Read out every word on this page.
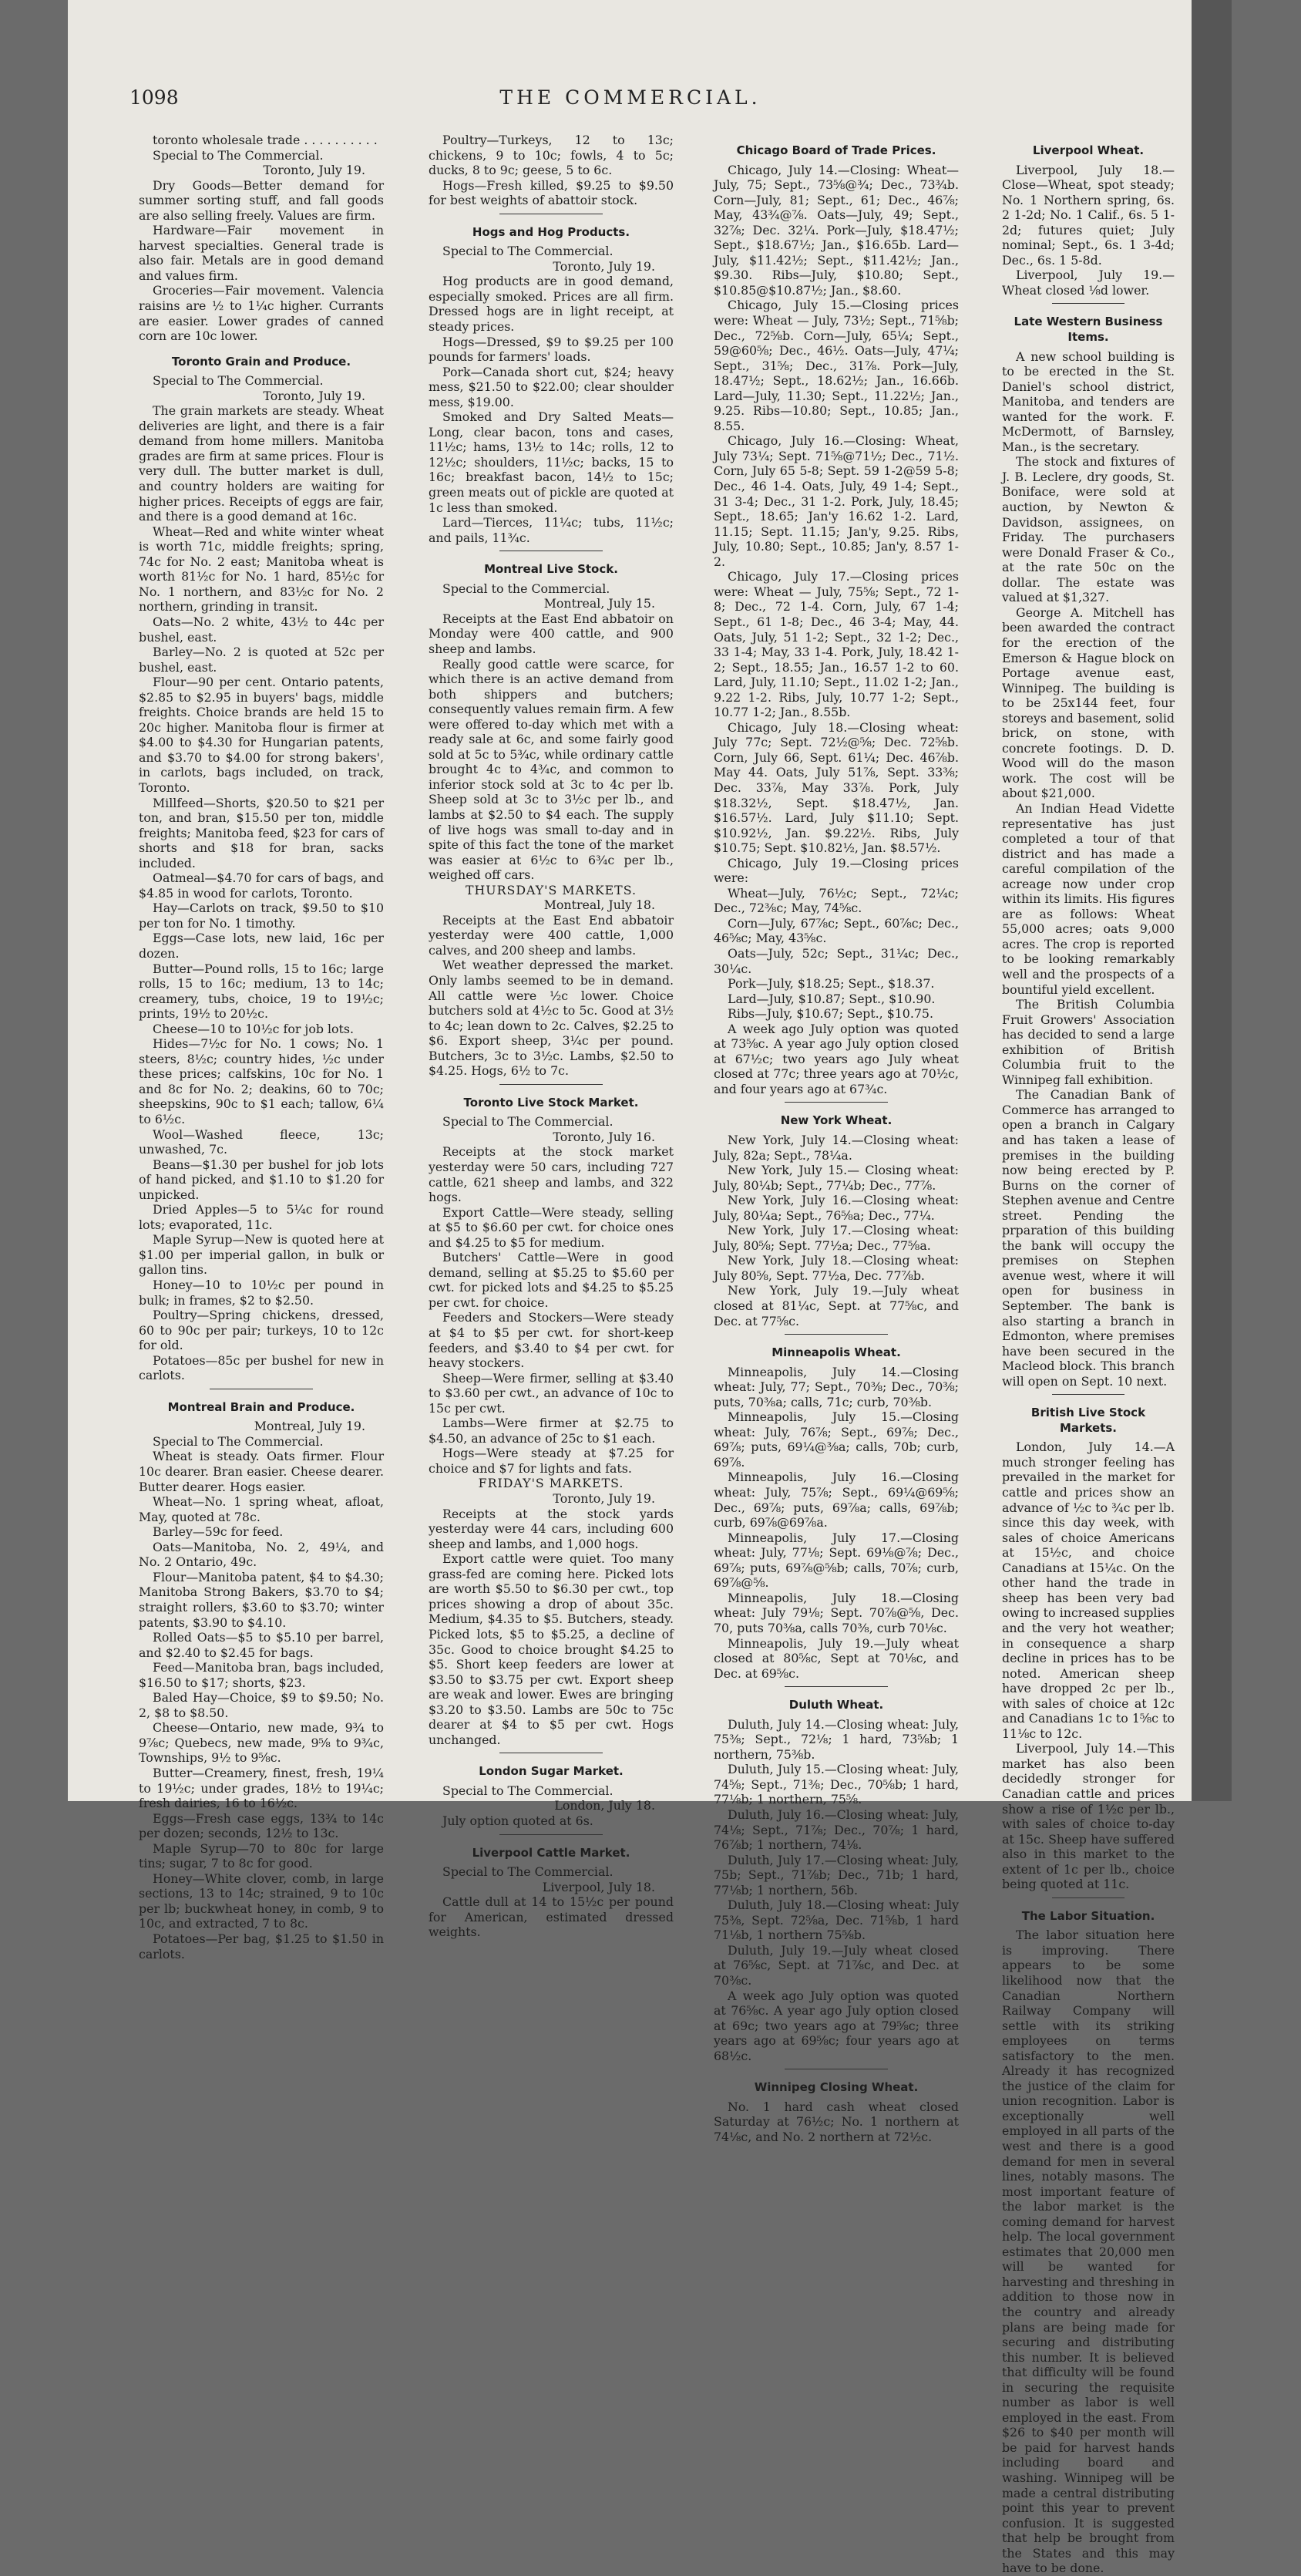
1098	THE COMMERCIAL.

toronto wholesale trade . . . . . . . . . .

Special to The Commercial.

Toronto, July 19.

Dry Goods—Better demand for summer sorting stuff, and fall goods are also selling freely. Values are firm.

Hardware—Fair movement in harvest specialties. General trade is also fair. Metals are in good demand and values firm.

Groceries—Fair movement. Valencia raisins are ½ to 1¼c higher. Currants are easier. Lower grades of canned corn are 10c lower.

Toronto Grain and Produce.

Special to The Commercial.

Toronto, July 19.

The grain markets are steady. Wheat deliveries are light, and there is a fair demand from home millers. Manitoba grades are firm at same prices. Flour is very dull. The butter market is dull, and country holders are waiting for higher prices. Receipts of eggs are fair, and there is a good demand at 16c.

Wheat—Red and white winter wheat is worth 71c, middle freights; spring, 74c for No. 2 east; Manitoba wheat is worth 81½c for No. 1 hard, 85½c for No. 1 northern, and 83½c for No. 2 northern, grinding in transit.

Oats—No. 2 white, 43½ to 44c per bushel, east.

Barley—No. 2 is quoted at 52c per bushel, east.

Flour—90 per cent. Ontario patents, $2.85 to $2.95 in buyers' bags, middle freights. Choice brands are held 15 to 20c higher. Manitoba flour is firmer at $4.00 to $4.30 for Hungarian patents, and $3.70 to $4.00 for strong bakers', in carlots, bags included, on track, Toronto.

Millfeed—Shorts, $20.50 to $21 per ton, and bran, $15.50 per ton, middle freights; Manitoba feed, $23 for cars of shorts and $18 for bran, sacks included.

Oatmeal—$4.70 for cars of bags, and $4.85 in wood for carlots, Toronto.

Hay—Carlots on track, $9.50 to $10 per ton for No. 1 timothy.

Eggs—Case lots, new laid, 16c per dozen.

Butter—Pound rolls, 15 to 16c; large rolls, 15 to 16c; medium, 13 to 14c; creamery, tubs, choice, 19 to 19½c; prints, 19½ to 20½c.

Cheese—10 to 10½c for job lots.

Hides—7½c for No. 1 cows; No. 1 steers, 8½c; country hides, ½c under these prices; calfskins, 10c for No. 1 and 8c for No. 2; deakins, 60 to 70c; sheepskins, 90c to $1 each; tallow, 6¼ to 6½c.

Wool—Washed fleece, 13c; unwashed, 7c.

Beans—$1.30 per bushel for job lots of hand picked, and $1.10 to $1.20 for unpicked.

Dried Apples—5 to 5¼c for round lots; evaporated, 11c.

Maple Syrup—New is quoted here at $1.00 per imperial gallon, in bulk or gallon tins.

Honey—10 to 10½c per pound in bulk; in frames, $2 to $2.50.

Poultry—Spring chickens, dressed, 60 to 90c per pair; turkeys, 10 to 12c for old.

Potatoes—85c per bushel for new in carlots.

Montreal Brain and Produce.

Montreal, July 19.

Special to The Commercial.

Wheat is steady. Oats firmer. Flour 10c dearer. Bran easier. Cheese dearer. Butter dearer. Hogs easier.

Wheat—No. 1 spring wheat, afloat, May, quoted at 78c.

Barley—59c for feed.

Oats—Manitoba, No. 2, 49¼, and No. 2 Ontario, 49c.

Flour—Manitoba patent, $4 to $4.30; Manitoba Strong Bakers, $3.70 to $4; straight rollers, $3.60 to $3.70; winter patents, $3.90 to $4.10.

Rolled Oats—$5 to $5.10 per barrel, and $2.40 to $2.45 for bags.

Feed—Manitoba bran, bags included, $16.50 to $17; shorts, $23.

Baled Hay—Choice, $9 to $9.50; No. 2, $8 to $8.50.

Cheese—Ontario, new made, 9¾ to 9⅞c; Quebecs, new made, 9⅝ to 9¾c, Townships, 9½ to 9⅝c.

Butter—Creamery, finest, fresh, 19¼ to 19½c; under grades, 18½ to 19¼c; fresh dairies, 16 to 16½c.

Eggs—Fresh case eggs, 13¾ to 14c per dozen; seconds, 12½ to 13c.

Maple Syrup—70 to 80c for large tins; sugar, 7 to 8c for good.

Honey—White clover, comb, in large sections, 13 to 14c; strained, 9 to 10c per lb; buckwheat honey, in comb, 9 to 10c, and extracted, 7 to 8c.

Potatoes—Per bag, $1.25 to $1.50 in carlots.

Poultry—Turkeys, 12 to 13c; chickens, 9 to 10c; fowls, 4 to 5c; ducks, 8 to 9c; geese, 5 to 6c.

Hogs—Fresh killed, $9.25 to $9.50 for best weights of abattoir stock.

Hogs and Hog Products.

Special to The Commercial.

Toronto, July 19.

Hog products are in good demand, especially smoked. Prices are all firm. Dressed hogs are in light receipt, at steady prices.

Hogs—Dressed, $9 to $9.25 per 100 pounds for farmers' loads.

Pork—Canada short cut, $24; heavy mess, $21.50 to $22.00; clear shoulder mess, $19.00.

Smoked and Dry Salted Meats—Long, clear bacon, tons and cases, 11½c; hams, 13½ to 14c; rolls, 12 to 12½c; shoulders, 11½c; backs, 15 to 16c; breakfast bacon, 14½ to 15c; green meats out of pickle are quoted at 1c less than smoked.

Lard—Tierces, 11¼c; tubs, 11½c; and pails, 11¾c.

Montreal Live Stock.

Special to the Commercial.

Montreal, July 15.

Receipts at the East End abbatoir on Monday were 400 cattle, and 900 sheep and lambs.

Really good cattle were scarce, for which there is an active demand from both shippers and butchers; consequently values remain firm. A few were offered to-day which met with a ready sale at 6c, and some fairly good sold at 5c to 5¾c, while ordinary cattle brought 4c to 4¾c, and common to inferior stock sold at 3c to 4c per lb. Sheep sold at 3c to 3½c per lb., and lambs at $2.50 to $4 each. The supply of live hogs was small to-day and in spite of this fact the tone of the market was easier at 6½c to 6¾c per lb., weighed off cars.

THURSDAY'S MARKETS.

Montreal, July 18.

Receipts at the East End abbatoir yesterday were 400 cattle, 1,000 calves, and 200 sheep and lambs.

Wet weather depressed the market. Only lambs seemed to be in demand. All cattle were ½c lower. Choice butchers sold at 4½c to 5c. Good at 3½ to 4c; lean down to 2c. Calves, $2.25 to $6. Export sheep, 3¼c per pound. Butchers, 3c to 3½c. Lambs, $2.50 to $4.25. Hogs, 6½ to 7c.

Toronto Live Stock Market.

Special to The Commercial.

Toronto, July 16.

Receipts at the stock market yesterday were 50 cars, including 727 cattle, 621 sheep and lambs, and 322 hogs.

Export Cattle—Were steady, selling at $5 to $6.60 per cwt. for choice ones and $4.25 to $5 for medium.

Butchers' Cattle—Were in good demand, selling at $5.25 to $5.60 per cwt. for picked lots and $4.25 to $5.25 per cwt. for choice.

Feeders and Stockers—Were steady at $4 to $5 per cwt. for short-keep feeders, and $3.40 to $4 per cwt. for heavy stockers.

Sheep—Were firmer, selling at $3.40 to $3.60 per cwt., an advance of 10c to 15c per cwt.

Lambs—Were firmer at $2.75 to $4.50, an advance of 25c to $1 each.

Hogs—Were steady at $7.25 for choice and $7 for lights and fats.

FRIDAY'S MARKETS.

Toronto, July 19.

Receipts at the stock yards yesterday were 44 cars, including 600 sheep and lambs, and 1,000 hogs.

Export cattle were quiet. Too many grass-fed are coming here. Picked lots are worth $5.50 to $6.30 per cwt., top prices showing a drop of about 35c. Medium, $4.35 to $5. Butchers, steady. Picked lots, $5 to $5.25, a decline of 35c. Good to choice brought $4.25 to $5. Short keep feeders are lower at $3.50 to $3.75 per cwt. Export sheep are weak and lower. Ewes are bringing $3.20 to $3.50. Lambs are 50c to 75c dearer at $4 to $5 per cwt. Hogs unchanged.

London Sugar Market.

Special to The Commercial.

London, July 18.

July option quoted at 6s.

Liverpool Cattle Market.

Special to The Commercial.

Liverpool, July 18.

Cattle dull at 14 to 15½c per pound for American, estimated dressed weights.

Chicago Board of Trade Prices.

Chicago, July 14.—Closing: Wheat—July, 75; Sept., 73⅝@¾; Dec., 73¾b. Corn—July, 81; Sept., 61; Dec., 46⅞; May, 43¾@⅞. Oats—July, 49; Sept., 32⅞; Dec. 32¼. Pork—July, $18.47½; Sept., $18.67½; Jan., $16.65b. Lard—July, $11.42½; Sept., $11.42½; Jan., $9.30. Ribs—July, $10.80; Sept., $10.85@$10.87½; Jan., $8.60.

Chicago, July 15.—Closing prices were: Wheat — July, 73½; Sept., 71⅝b; Dec., 72⅝b. Corn—July, 65¼; Sept., 59@60⅝; Dec., 46½. Oats—July, 47¼; Sept., 31⅝; Dec., 31⅞. Pork—July, 18.47½; Sept., 18.62½; Jan., 16.66b. Lard—July, 11.30; Sept., 11.22½; Jan., 9.25. Ribs—10.80; Sept., 10.85; Jan., 8.55.

Chicago, July 16.—Closing: Wheat, July 73¼; Sept. 71⅝@71½; Dec., 71½. Corn, July 65 5-8; Sept. 59 1-2@59 5-8; Dec., 46 1-4. Oats, July, 49 1-4; Sept., 31 3-4; Dec., 31 1-2. Pork, July, 18.45; Sept., 18.65; Jan'y 16.62 1-2. Lard, 11.15; Sept. 11.15; Jan'y, 9.25. Ribs, July, 10.80; Sept., 10.85; Jan'y, 8.57 1-2.

Chicago, July 17.—Closing prices were: Wheat — July, 75⅝; Sept., 72 1-8; Dec., 72 1-4. Corn, July, 67 1-4; Sept., 61 1-8; Dec., 46 3-4; May, 44. Oats, July, 51 1-2; Sept., 32 1-2; Dec., 33 1-4; May, 33 1-4. Pork, July, 18.42 1-2; Sept., 18.55; Jan., 16.57 1-2 to 60. Lard, July, 11.10; Sept., 11.02 1-2; Jan., 9.22 1-2. Ribs, July, 10.77 1-2; Sept., 10.77 1-2; Jan., 8.55b.

Chicago, July 18.—Closing wheat: July 77c; Sept. 72½@⅝; Dec. 72⅝b. Corn, July 66, Sept. 61¼; Dec. 46⅞b. May 44. Oats, July 51⅞, Sept. 33⅜; Dec. 33⅞, May 33⅞. Pork, July $18.32½, Sept. $18.47½, Jan. $16.57½. Lard, July $11.10; Sept. $10.92½, Jan. $9.22½. Ribs, July $10.75; Sept. $10.82½, Jan. $8.57½.

Chicago, July 19.—Closing prices were:

Wheat—July, 76½c; Sept., 72¼c; Dec., 72⅜c; May, 74⅝c.

Corn—July, 67⅞c; Sept., 60⅞c; Dec., 46⅝c; May, 43⅝c.

Oats—July, 52c; Sept., 31¼c; Dec., 30¼c.

Pork—July, $18.25; Sept., $18.37.

Lard—July, $10.87; Sept., $10.90.

Ribs—July, $10.67; Sept., $10.75.

A week ago July option was quoted at 73⅝c. A year ago July option closed at 67½c; two years ago July wheat closed at 77c; three years ago at 70½c, and four years ago at 67¾c.

New York Wheat.

New York, July 14.—Closing wheat: July, 82a; Sept., 78¼a.

New York, July 15.— Closing wheat: July, 80¼b; Sept., 77¼b; Dec., 77⅞.

New York, July 16.—Closing wheat: July, 80¼a; Sept., 76⅝a; Dec., 77¼.

New York, July 17.—Closing wheat: July, 80⅝; Sept. 77½a; Dec., 77⅝a.

New York, July 18.—Closing wheat: July 80⅝, Sept. 77½a, Dec. 77⅞b.

New York, July 19.—July wheat closed at 81¼c, Sept. at 77⅝c, and Dec. at 77⅝c.

Minneapolis Wheat.

Minneapolis, July 14.—Closing wheat: July, 77; Sept., 70⅜; Dec., 70⅜; puts, 70⅜a; calls, 71c; curb, 70⅜b.

Minneapolis, July 15.—Closing wheat: July, 76⅞; Sept., 69⅞; Dec., 69⅞; puts, 69¼@⅜a; calls, 70b; curb, 69⅞.

Minneapolis, July 16.—Closing wheat: July, 75⅞; Sept., 69¼@69⅝; Dec., 69⅞; puts, 69⅞a; calls, 69⅞b; curb, 69⅞@69⅞a.

Minneapolis, July 17.—Closing wheat: July, 77⅛; Sept. 69⅛@⅞; Dec., 69⅞; puts, 69⅞@⅝b; calls, 70⅞; curb, 69⅞@⅝.

Minneapolis, July 18.—Closing wheat: July 79⅛; Sept. 70⅞@⅝, Dec. 70, puts 70⅜a, calls 70⅜, curb 70⅛c.

Minneapolis, July 19.—July wheat closed at 80⅝c, Sept at 70⅛c, and Dec. at 69⅝c.

Duluth Wheat.

Duluth, July 14.—Closing wheat: July, 75⅜; Sept., 72⅛; 1 hard, 73⅝b; 1 northern, 75⅜b.

Duluth, July 15.—Closing wheat: July, 74⅝; Sept., 71⅜; Dec., 70⅝b; 1 hard, 77⅛b; 1 northern, 75⅝.

Duluth, July 16.—Closing wheat: July, 74⅛; Sept., 71⅞; Dec., 70⅞; 1 hard, 76⅞b; 1 northern, 74⅛.

Duluth, July 17.—Closing wheat: July, 75b; Sept., 71⅞b; Dec., 71b; 1 hard, 77⅛b; 1 northern, 56b.

Duluth, July 18.—Closing wheat: July 75⅜, Sept. 72⅝a, Dec. 71⅝b, 1 hard 71⅛b, 1 northern 75⅝b.

Duluth, July 19.—July wheat closed at 76⅝c, Sept. at 71⅞c, and Dec. at 70⅜c.

A week ago July option was quoted at 76⅝c. A year ago July option closed at 69c; two years ago at 79⅝c; three years ago at 69⅝c; four years ago at 68½c.

Winnipeg Closing Wheat.

No. 1 hard cash wheat closed Saturday at 76½c; No. 1 northern at 74⅛c, and No. 2 northern at 72½c.

Liverpool Wheat.

Liverpool, July 18.—Close—Wheat, spot steady; No. 1 Northern spring, 6s. 2 1-2d; No. 1 Calif., 6s. 5 1-2d; futures quiet; July nominal; Sept., 6s. 1 3-4d; Dec., 6s. 1 5-8d.

Liverpool, July 19.—Wheat closed ⅛d lower.

Late Western Business Items.

A new school building is to be erected in the St. Daniel's school district, Manitoba, and tenders are wanted for the work. F. McDermott, of Barnsley, Man., is the secretary.

The stock and fixtures of J. B. Leclere, dry goods, St. Boniface, were sold at auction, by Newton & Davidson, assignees, on Friday. The purchasers were Donald Fraser & Co., at the rate 50c on the dollar. The estate was valued at $1,327.

George A. Mitchell has been awarded the contract for the erection of the Emerson & Hague block on Portage avenue east, Winnipeg. The building is to be 25x144 feet, four storeys and basement, solid brick, on stone, with concrete footings. D. D. Wood will do the mason work. The cost will be about $21,000.

An Indian Head Vidette representative has just completed a tour of that district and has made a careful compilation of the acreage now under crop within its limits. His figures are as follows: Wheat 55,000 acres; oats 9,000 acres. The crop is reported to be looking remarkably well and the prospects of a bountiful yield excellent.

The British Columbia Fruit Growers' Association has decided to send a large exhibition of British Columbia fruit to the Winnipeg fall exhibition.

The Canadian Bank of Commerce has arranged to open a branch in Calgary and has taken a lease of premises in the building now being erected by P. Burns on the corner of Stephen avenue and Centre street. Pending the prparation of this building the bank will occupy the premises on Stephen avenue west, where it will open for business in September. The bank is also starting a branch in Edmonton, where premises have been secured in the Macleod block. This branch will open on Sept. 10 next.

British Live Stock Markets.

London, July 14.—A much stronger feeling has prevailed in the market for cattle and prices show an advance of ½c to ¾c per lb. since this day week, with sales of choice Americans at 15½c, and choice Canadians at 15¼c. On the other hand the trade in sheep has been very bad owing to increased supplies and the very hot weather; in consequence a sharp decline in prices has to be noted. American sheep have dropped 2c per lb., with sales of choice at 12c and Canadians 1c to 1⅝c to 11⅛c to 12c.

Liverpool, July 14.—This market has also been decidedly stronger for Canadian cattle and prices show a rise of 1½c per lb., with sales of choice to-day at 15c. Sheep have suffered also in this market to the extent of 1c per lb., choice being quoted at 11c.

The Labor Situation.

The labor situation here is improving. There appears to be some likelihood now that the Canadian Northern Railway Company will settle with its striking employees on terms satisfactory to the men. Already it has recognized the justice of the claim for union recognition. Labor is exceptionally well employed in all parts of the west and there is a good demand for men in several lines, notably masons. The most important feature of the labor market is the coming demand for harvest help. The local government estimates that 20,000 men will be wanted for harvesting and threshing in addition to those now in the country and already plans are being made for securing and distributing this number. It is believed that difficulty will be found in securing the requisite number as labor is well employed in the east. From $26 to $40 per month will be paid for harvest hands including board and washing. Winnipeg will be made a central distributing point this year to prevent confusion. It is suggested that help be brought from the States and this may have to be done.
